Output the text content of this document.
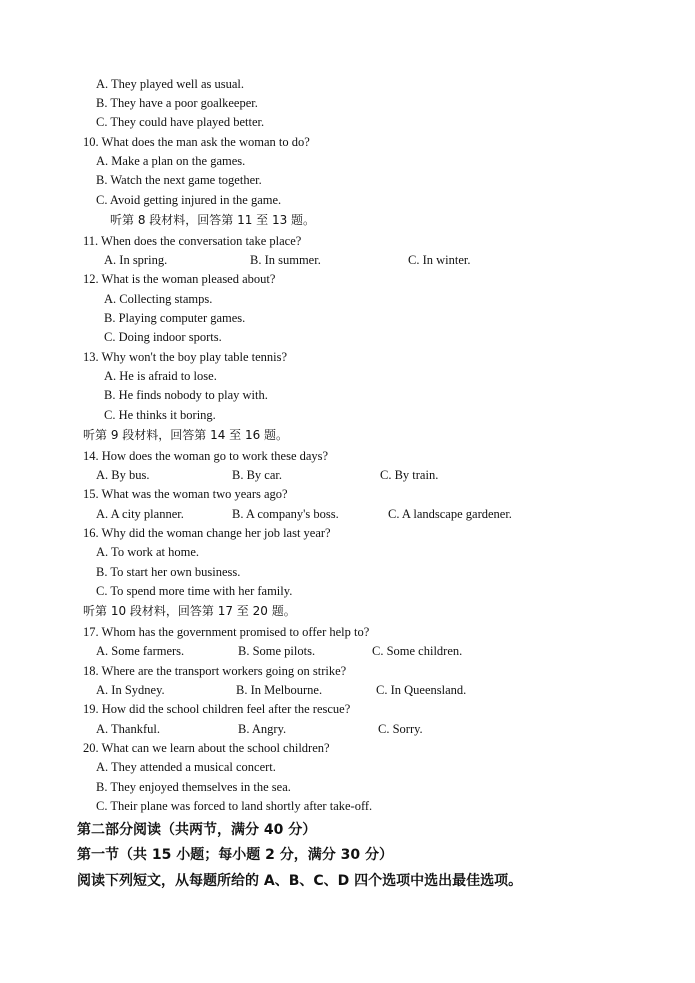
A. They played well as usual.
B. They have a poor goalkeeper.
C. They could have played better.
10. What does the man ask the woman to do?
A. Make a plan on the games.
B. Watch the next game together.
C. Avoid getting injured in the game.
听第 8 段材料，回答第 11 至 13 题。
11. When does the conversation take place?
A. In spring.	B. In summer.	C. In winter.
12. What is the woman pleased about?
A. Collecting stamps.
B. Playing computer games.
C. Doing indoor sports.
13. Why won't the boy play table tennis?
A. He is afraid to lose.
B. He finds nobody to play with.
C. He thinks it boring.
听第 9 段材料，回答第 14 至 16 题。
14. How does the woman go to work these days?
A. By bus.	B. By car.	C. By train.
15. What was the woman two years ago?
A. A city planner.	B. A company's boss.	C. A landscape gardener.
16. Why did the woman change her job last year?
A. To work at home.
B. To start her own business.
C. To spend more time with her family.
听第 10 段材料，回答第 17 至 20 题。
17. Whom has the government promised to offer help to?
A. Some farmers.	B. Some pilots.	C. Some children.
18. Where are the transport workers going on strike?
A. In Sydney.	B. In Melbourne.	C. In Queensland.
19. How did the school children feel after the rescue?
A. Thankful.	B. Angry.	C. Sorry.
20. What can we learn about the school children?
A. They attended a musical concert.
B. They enjoyed themselves in the sea.
C. Their plane was forced to land shortly after take-off.
第二部分阅读（共两节，满分 40 分）
第一节（共 15 小题；每小题 2 分，满分 30 分）
阅读下列短文，从每题所给的 A、B、C、D 四个选项中选出最佳选项。
